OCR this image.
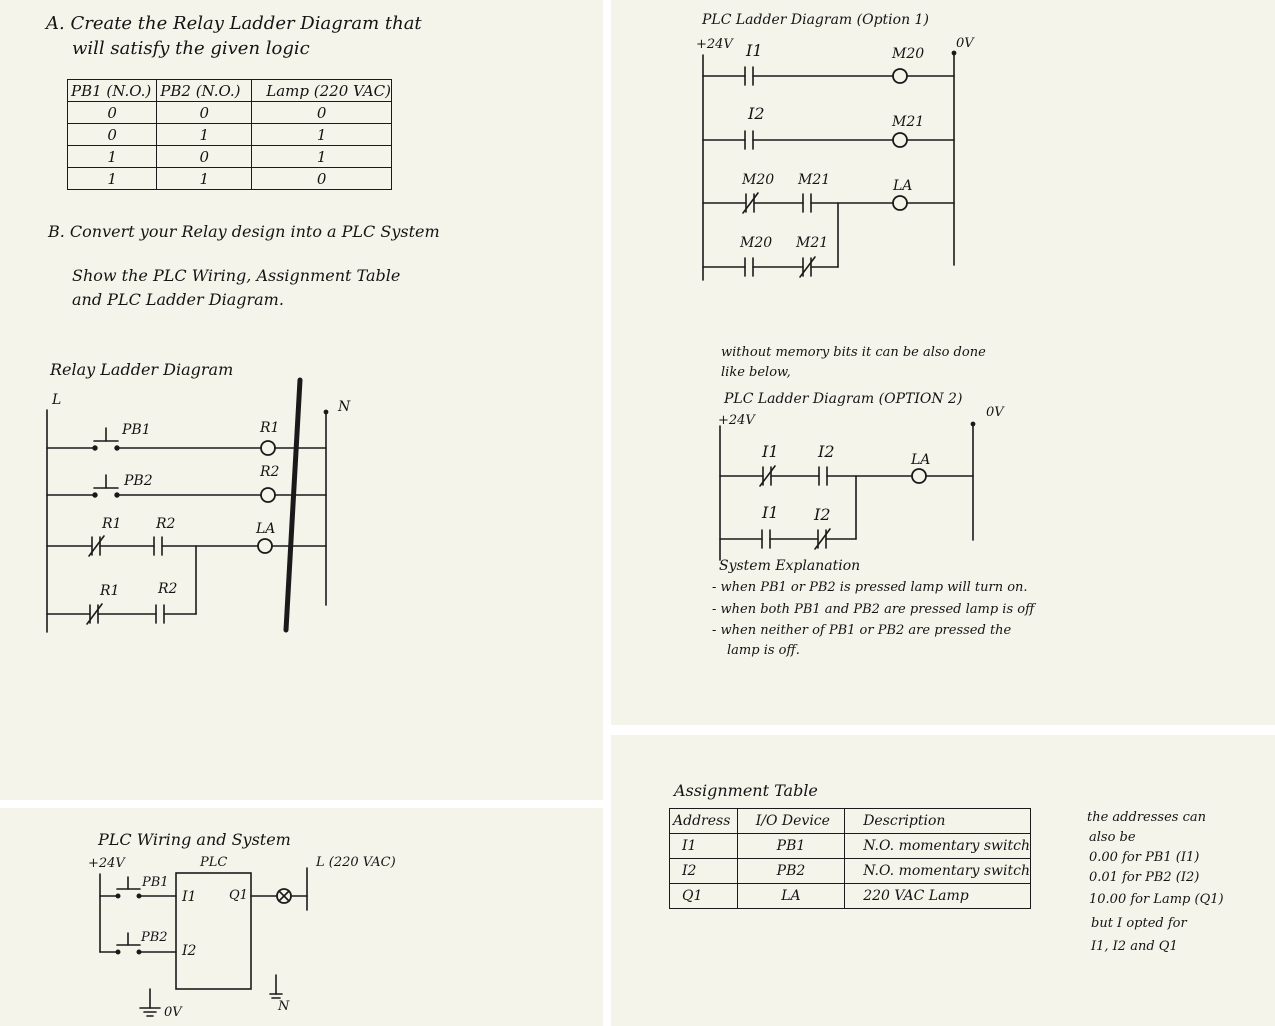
A. Create the Relay Ladder Diagram that
will satisfy the given logic
PB1 (N.O.)	PB2 (N.O.)	Lamp (220 VAC)
0	0	0
0	1	1
1	0	1
1	1	0
B. Convert your Relay design into a PLC System
Show the PLC Wiring, Assignment Table
and PLC Ladder Diagram.
Relay Ladder Diagram
L	N
PB1
PB2
R1
R2
R1 R2	LA
R1	R2
PLC Ladder Diagram (Option 1)
+24V	0V
I1	M20
I2	M21
M20 M21	LA
M20 M21
without memory bits it can be also done
like below,
PLC Ladder Diagram (OPTION 2)
+24V
0V
I1 I2	LA
I1 I2
System Explanation
- when PB1 or PB2 is pressed lamp will turn on.
- when both PB1 and PB2 are pressed lamp is off
- when neither of PB1 or PB2 are pressed the
lamp is off.
PLC Wiring and System
+24V	PLC	L (220 VAC)
PB1
PB2
I1
I2
Q1
N
0V
Assignment Table
Address	I/O Device	Description
I1	PB1	N.O. momentary switch
I2	PB2	N.O. momentary switch
Q1	LA	220 VAC Lamp
the addresses can
also be
0.00 for PB1 (I1)
0.01 for PB2 (I2)
10.00 for Lamp (Q1)
but I opted for
I1, I2 and Q1
